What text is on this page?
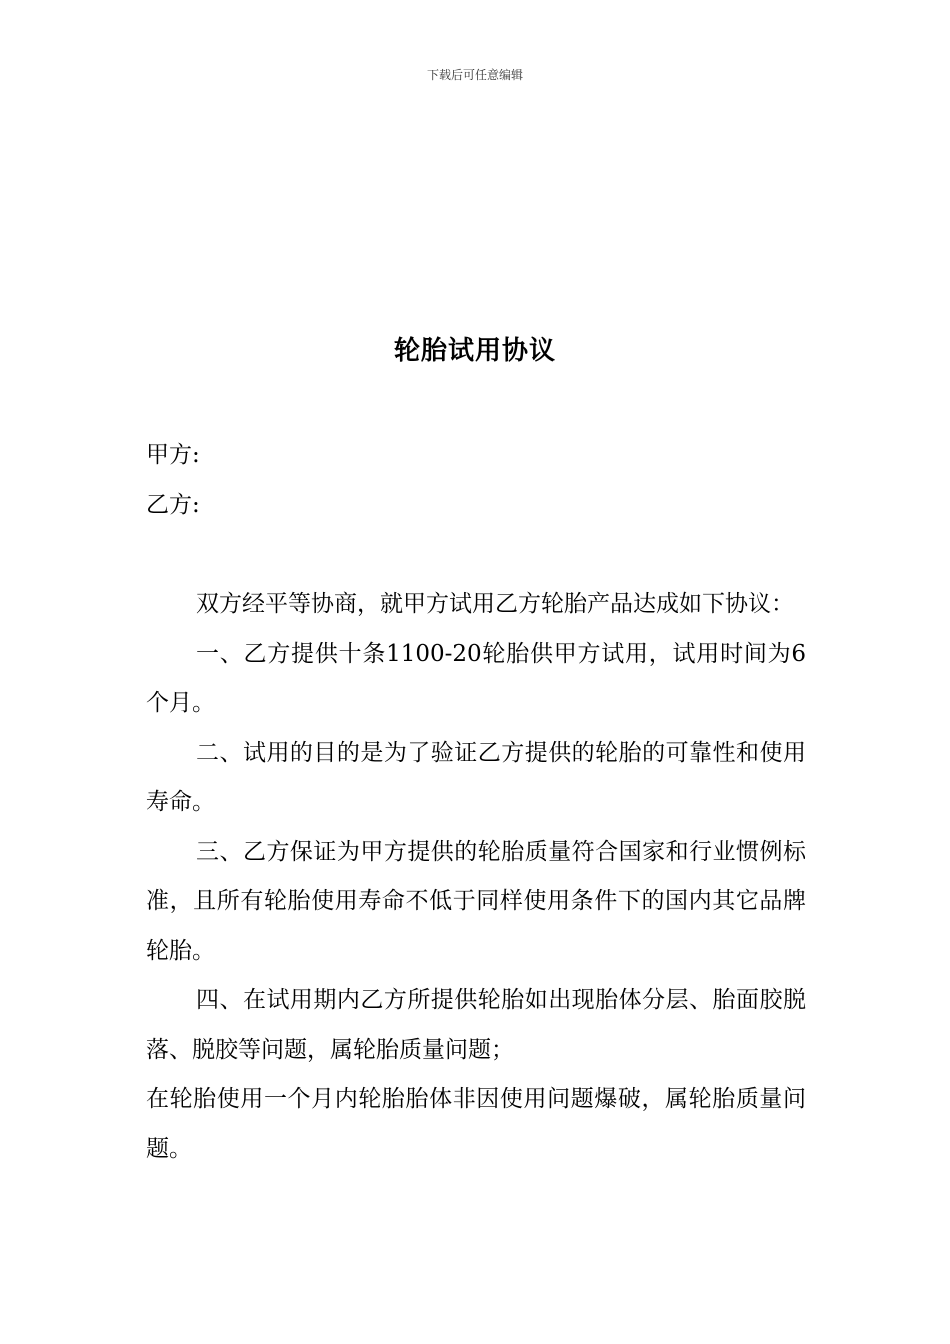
下载后可任意编辑
轮胎试用协议
甲方:
乙方:

双方经平等协商，就甲方试用乙方轮胎产品达成如下协议：

一、乙方提供十条1100-20轮胎供甲方试用，试用时间为6个月。

二、试用的目的是为了验证乙方提供的轮胎的可靠性和使用寿命。

三、乙方保证为甲方提供的轮胎质量符合国家和行业惯例标准，且所有轮胎使用寿命不低于同样使用条件下的国内其它品牌轮胎。

四、在试用期内乙方所提供轮胎如出现胎体分层、胎面胶脱落、脱胶等问题，属轮胎质量问题；

在轮胎使用一个月内轮胎胎体非因使用问题爆破，属轮胎质量问题。
